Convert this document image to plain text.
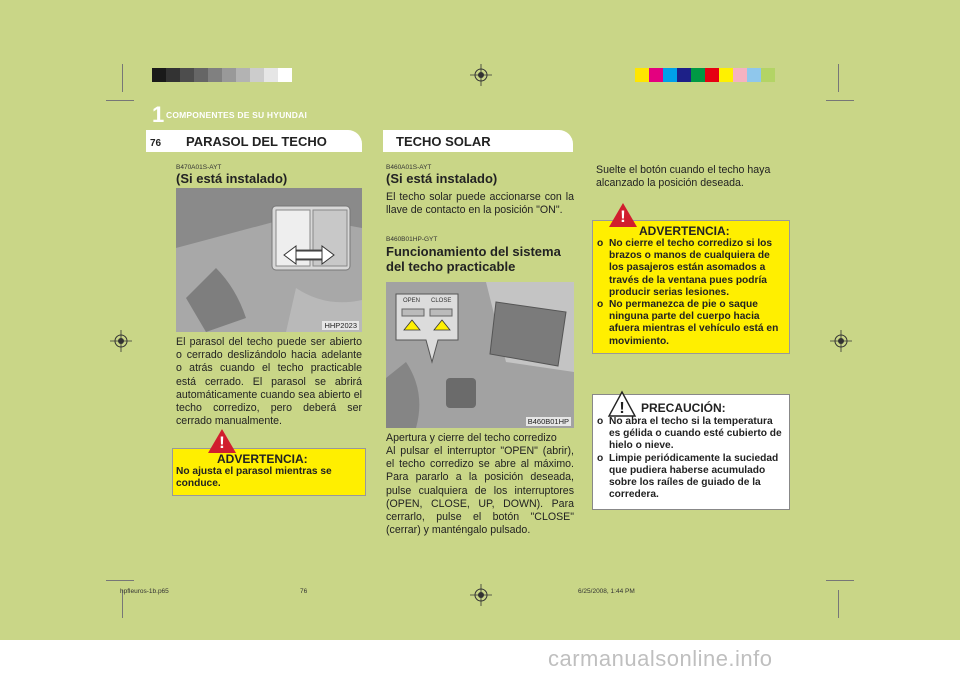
1 COMPONENTES DE SU HYUNDAI
76 PARASOL DEL TECHO	TECHO SOLAR
B470A01S-AYT
(Si está instalado)
HHP2023
El parasol del techo puede ser abierto o cerrado deslizándolo hacia adelante o atrás cuando el techo practicable está cerrado. El parasol se abrirá automáticamente cuando sea abierto el techo corredizo, pero deberá ser cerrado manualmente.
!
ADVERTENCIA:
No ajusta el parasol mientras se conduce.
B460A01S-AYT
(Si está instalado)
El techo solar puede accionarse con la llave de contacto en la posición "ON".
B460B01HP-GYT
Funcionamiento del sistema del techo practicable
OPEN CLOSE
B460B01HP
Apertura y cierre del techo corredizo
Al pulsar el interruptor "OPEN" (abrir), el techo corredizo se abre al máximo. Para pararlo a la posición deseada, pulse cualquiera de los interruptores (OPEN, CLOSE, UP, DOWN). Para cerrarlo, pulse el botón "CLOSE" (cerrar) y manténgalo pulsado.
Suelte el botón cuando el techo haya alcanzado la posición deseada.
!
ADVERTENCIA:
o No cierre el techo corredizo si los brazos o manos de cualquiera de los pasajeros están asomados a través de la ventana pues podría producir serias lesiones.
o No permanezca de pie o saque ninguna parte del cuerpo hacia afuera mientras el vehículo está en movimiento.
! PRECAUCIÓN:
o No abra el techo si la temperatura es gélida o cuando esté cubierto de hielo o nieve.
o Limpie periódicamente la suciedad que pudiera haberse acumulado sobre los raíles de guiado de la corredera.
hpfleuros-1b.p65	76	6/25/2008, 1:44 PM
carmanualsonline.info
